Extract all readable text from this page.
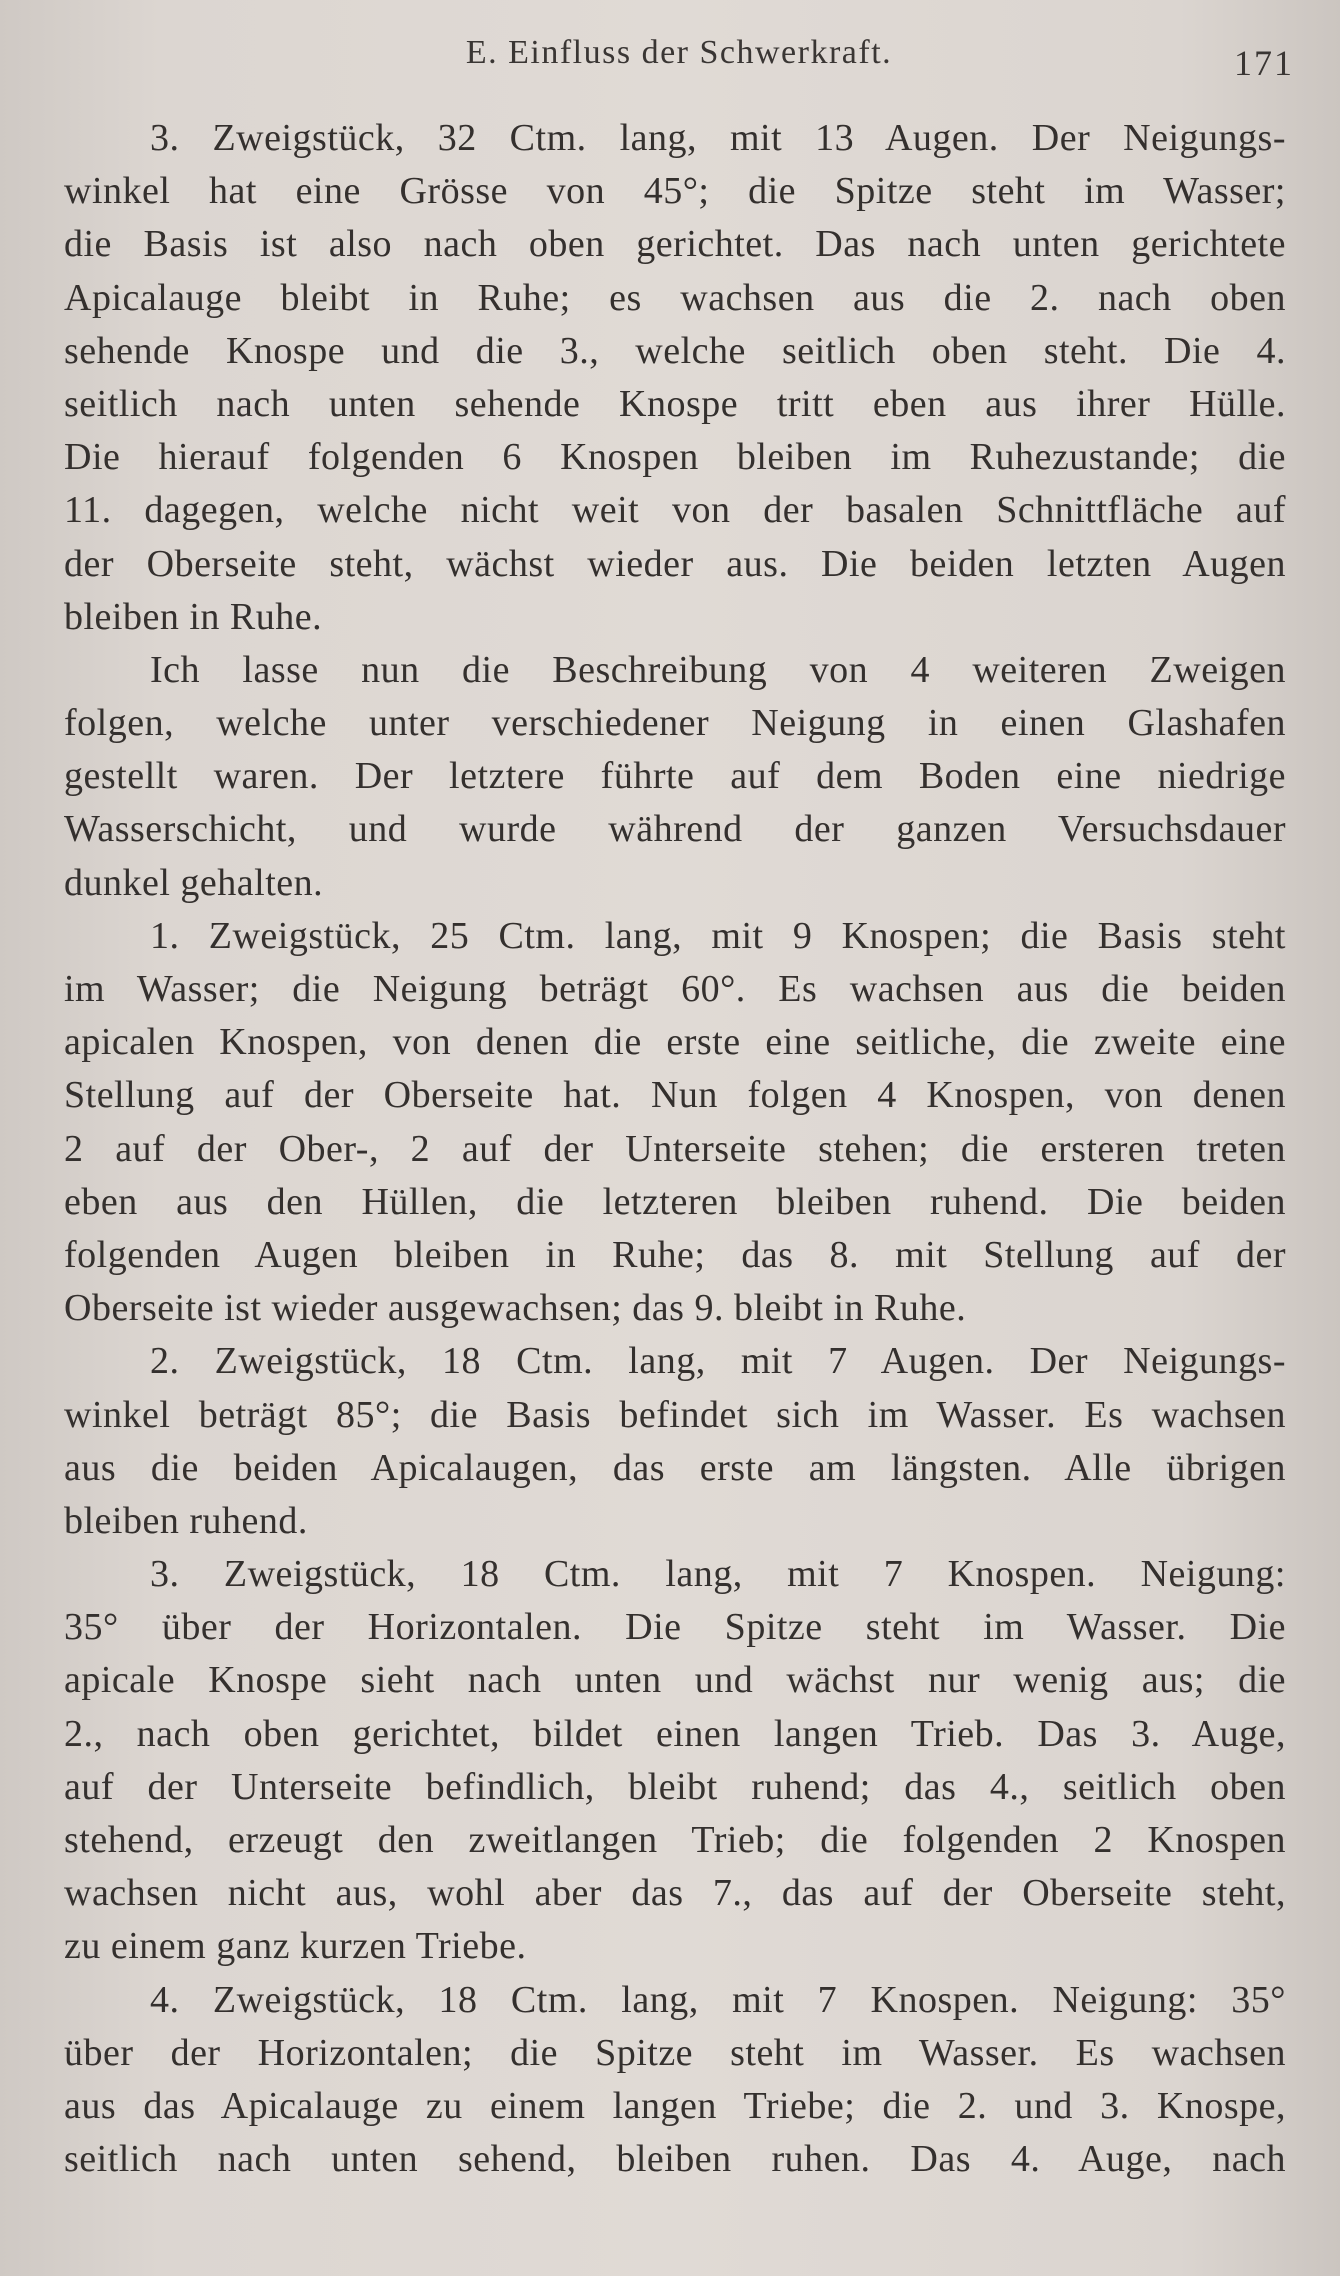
E. Einfluss der Schwerkraft.	171
3. Zweigstück, 32 Ctm. lang, mit 13 Augen. Der Neigungs-
winkel hat eine Grösse von 45°; die Spitze steht im Wasser;
die Basis ist also nach oben gerichtet. Das nach unten gerichtete
Apicalauge bleibt in Ruhe; es wachsen aus die 2. nach oben
sehende Knospe und die 3., welche seitlich oben steht. Die 4.
seitlich nach unten sehende Knospe tritt eben aus ihrer Hülle.
Die hierauf folgenden 6 Knospen bleiben im Ruhezustande; die
11. dagegen, welche nicht weit von der basalen Schnittfläche auf
der Oberseite steht, wächst wieder aus. Die beiden letzten Augen
bleiben in Ruhe.
Ich lasse nun die Beschreibung von 4 weiteren Zweigen
folgen, welche unter verschiedener Neigung in einen Glashafen
gestellt waren. Der letztere führte auf dem Boden eine niedrige
Wasserschicht, und wurde während der ganzen Versuchsdauer
dunkel gehalten.
1. Zweigstück, 25 Ctm. lang, mit 9 Knospen; die Basis steht
im Wasser; die Neigung beträgt 60°. Es wachsen aus die beiden
apicalen Knospen, von denen die erste eine seitliche, die zweite eine
Stellung auf der Oberseite hat. Nun folgen 4 Knospen, von denen
2 auf der Ober-, 2 auf der Unterseite stehen; die ersteren treten
eben aus den Hüllen, die letzteren bleiben ruhend. Die beiden
folgenden Augen bleiben in Ruhe; das 8. mit Stellung auf der
Oberseite ist wieder ausgewachsen; das 9. bleibt in Ruhe.
2. Zweigstück, 18 Ctm. lang, mit 7 Augen. Der Neigungs-
winkel beträgt 85°; die Basis befindet sich im Wasser. Es wachsen
aus die beiden Apicalaugen, das erste am längsten. Alle übrigen
bleiben ruhend.
3. Zweigstück, 18 Ctm. lang, mit 7 Knospen. Neigung:
35° über der Horizontalen. Die Spitze steht im Wasser. Die
apicale Knospe sieht nach unten und wächst nur wenig aus; die
2., nach oben gerichtet, bildet einen langen Trieb. Das 3. Auge,
auf der Unterseite befindlich, bleibt ruhend; das 4., seitlich oben
stehend, erzeugt den zweitlangen Trieb; die folgenden 2 Knospen
wachsen nicht aus, wohl aber das 7., das auf der Oberseite steht,
zu einem ganz kurzen Triebe.
4. Zweigstück, 18 Ctm. lang, mit 7 Knospen. Neigung: 35°
über der Horizontalen; die Spitze steht im Wasser. Es wachsen
aus das Apicalauge zu einem langen Triebe; die 2. und 3. Knospe,
seitlich nach unten sehend, bleiben ruhen. Das 4. Auge, nach
